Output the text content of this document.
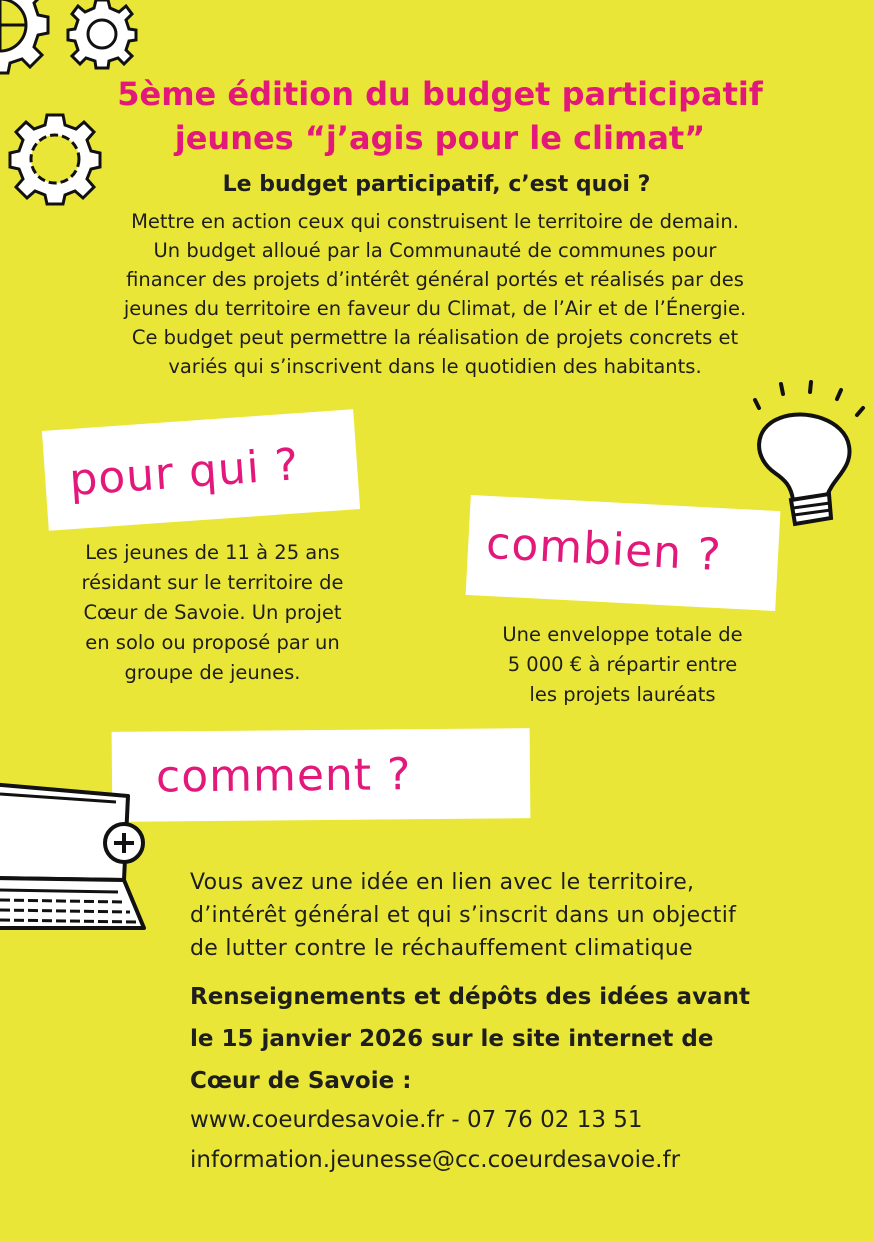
5ème édition du budget participatif
jeunes “j’agis pour le climat”
Le budget participatif, c’est quoi ?
Mettre en action ceux qui construisent le territoire de demain.
Un budget alloué par la Communauté de communes pour
financer des projets d’intérêt général portés et réalisés par des
jeunes du territoire en faveur du Climat, de l’Air et de l’Énergie.
Ce budget peut permettre la réalisation de projets concrets et
variés qui s’inscrivent dans le quotidien des habitants.
pour qui ?
Les jeunes de 11 à 25 ans
résidant sur le territoire de
Cœur de Savoie. Un projet
en solo ou proposé par un
groupe de jeunes.
combien ?
Une enveloppe totale de
5 000 € à répartir entre
les projets lauréats
comment ?

Vous avez une idée en lien avec le territoire,

d’intérêt général et qui s’inscrit dans un objectif

de lutter contre le réchauffement climatique

Renseignements et dépôts des idées avant

le 15 janvier 2026 sur le site internet de

Cœur de Savoie :

www.coeurdesavoie.fr - 07 76 02 13 51

information.jeunesse@cc.coeurdesavoie.fr
